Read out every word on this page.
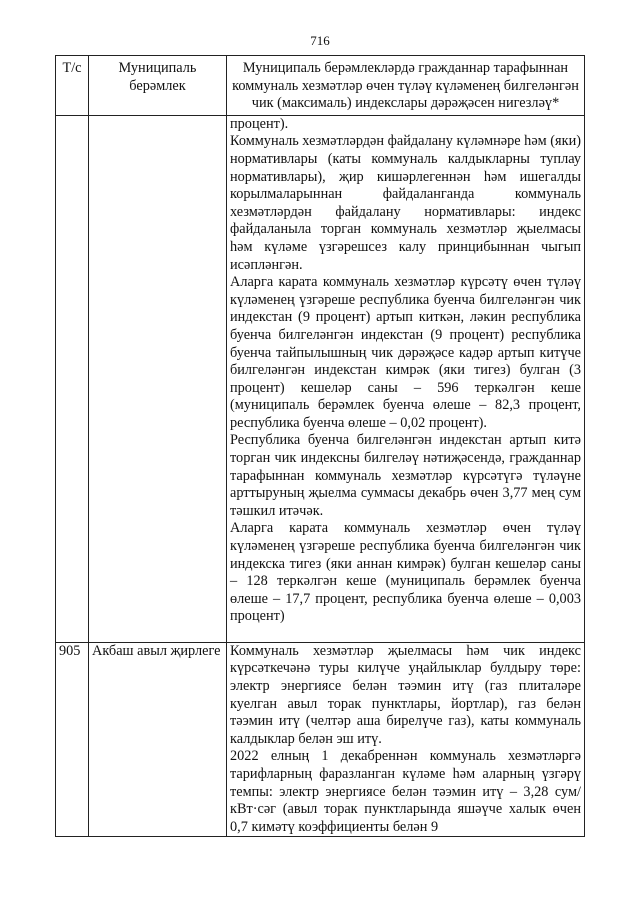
716
Т/с	Муниципаль берәмлек	Муниципаль берәмлекләрдә гражданнар тарафыннан коммуналь хезмәтләр өчен түләү күләменең билгеләнгән чик (максималь) индекслары дәрәҗәсен нигезләү*

		процент).

Коммуналь хезмәтләрдән файдалану күләмнәре һәм (яки) нормативлары (каты коммуналь калдыкларны туплау нормативлары), җир кишәрлегеннән һәм ишегалды корылмаларыннан файдаланганда коммуналь хезмәтләрдән файдалану нормативлары: индекс файдаланыла торган коммуналь хезмәтләр җыелмасы һәм күләме үзгәрешсез калу принцибыннан чыгып исәпләнгән.

Аларга карата коммуналь хезмәтләр күрсәтү өчен түләү күләменең үзгәреше республика буенча билгеләнгән чик индекстан (9 процент) артып киткән, ләкин республика буенча билгеләнгән индекстан (9 процент) республика буенча тайпылышның чик дәрәҗәсе кадәр артып китүче билгеләнгән индекстан кимрәк (яки тигез) булган (3 процент) кешеләр саны – 596 теркәлгән кеше (муниципаль берәмлек буенча өлеше – 82,3 процент, республика буенча өлеше – 0,02 процент).

Республика буенча билгеләнгән индекстан артып китә торган чик индексны билгеләү нәтиҗәсендә, гражданнар тарафыннан коммуналь хезмәтләр күрсәтүгә түләүне арттыруның җыелма суммасы декабрь өчен 3,77 мең сум тәшкил итәчәк.

Аларга карата коммуналь хезмәтләр өчен түләү күләменең үзгәреше республика буенча билгеләнгән чик индекска тигез (яки аннан кимрәк) булган кешеләр саны – 128 теркәлгән кеше (муниципаль берәмлек буенча өлеше – 17,7 процент, республика буенча өлеше – 0,003 процент)

905	Акбаш авыл җирлеге	Коммуналь хезмәтләр җыелмасы һәм чик индекс күрсәткечәнә туры килүче уңайлыклар булдыру төре: электр энергиясе белән тәэмин итү (газ плиталәре куелган авыл торак пунктлары, йортлар), газ белән тәэмин итү (челтәр аша бирелүче газ), каты коммуналь калдыклар белән эш итү.

2022 елның 1 декабреннән коммуналь хезмәтләргә тарифларның фаразланган күләме һәм аларның үзгәрү темпы: электр энергиясе белән тәэмин итү – 3,28 сум/кВт·сәг (авыл торак пунктларында яшәүче халык өчен 0,7 кимәтү коэффициенты белән 9
